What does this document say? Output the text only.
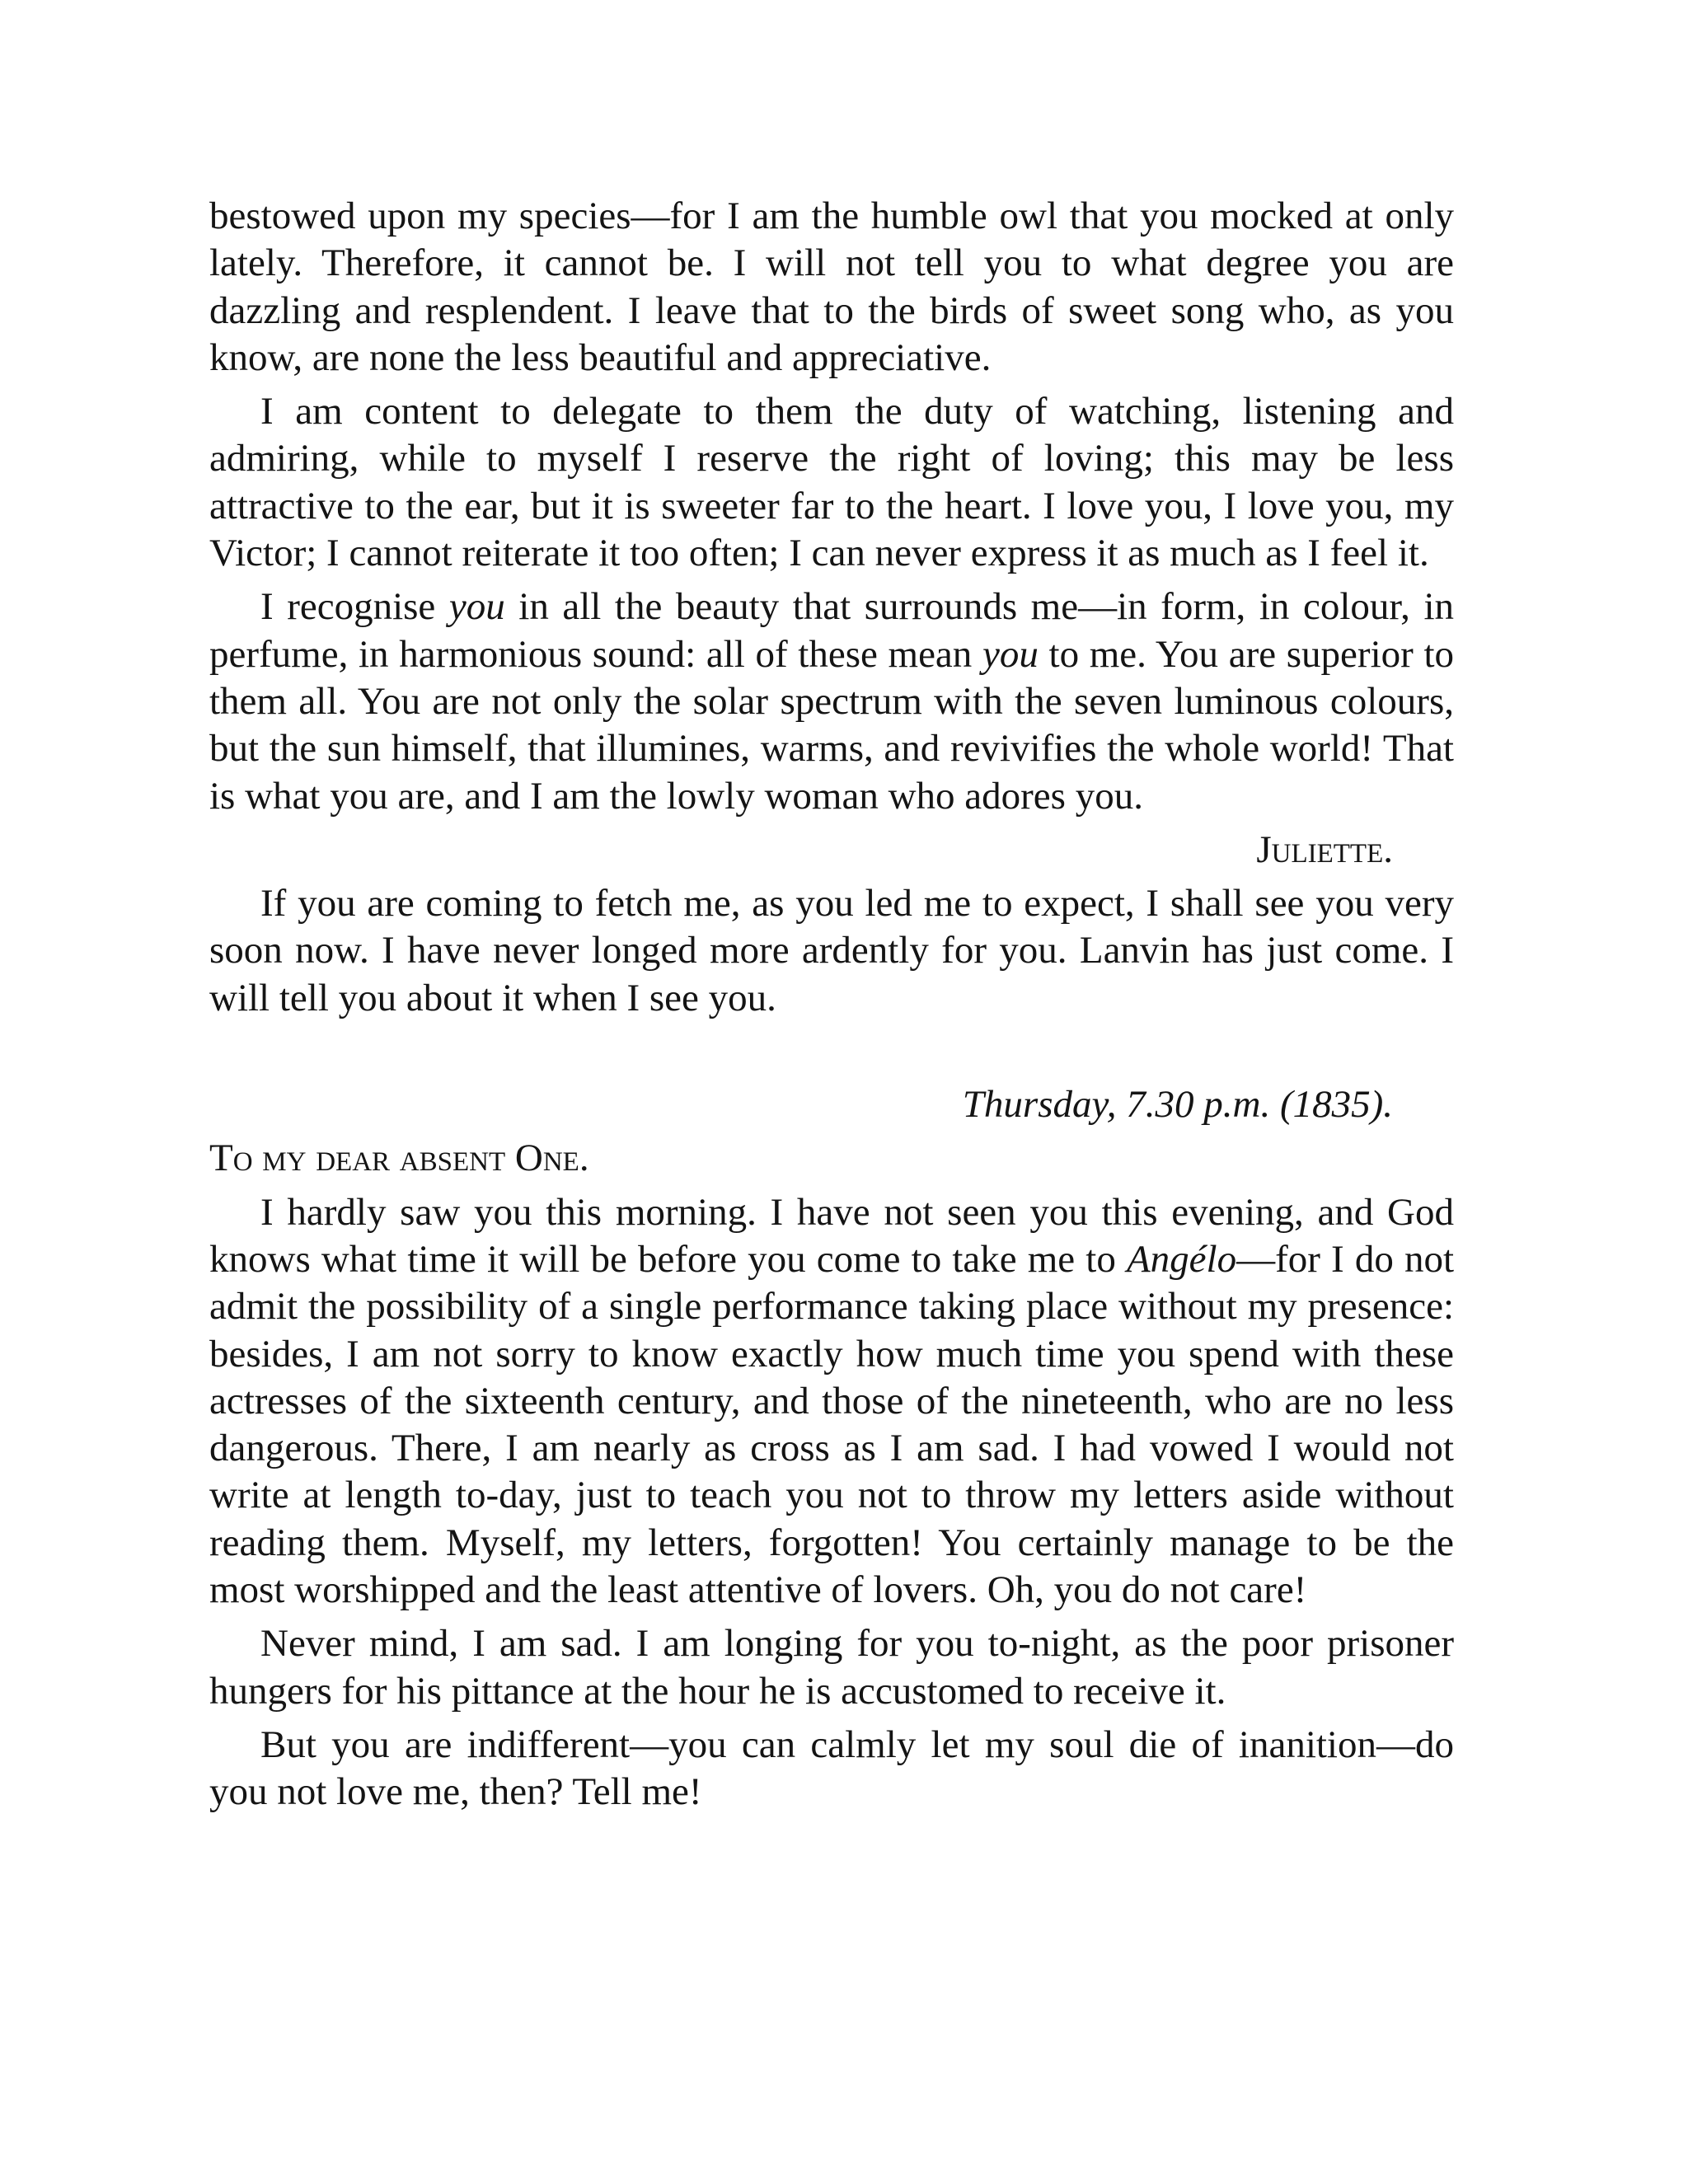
bestowed upon my species—for I am the humble owl that you mocked at only lately. Therefore, it cannot be. I will not tell you to what degree you are dazzling and resplendent. I leave that to the birds of sweet song who, as you know, are none the less beautiful and appreciative.

I am content to delegate to them the duty of watching, listening and admiring, while to myself I reserve the right of loving; this may be less attractive to the ear, but it is sweeter far to the heart. I love you, I love you, my Victor; I cannot reiterate it too often; I can never express it as much as I feel it.

I recognise you in all the beauty that surrounds me—in form, in colour, in perfume, in harmonious sound: all of these mean you to me. You are superior to them all. You are not only the solar spectrum with the seven luminous colours, but the sun himself, that illumines, warms, and revivifies the whole world! That is what you are, and I am the lowly woman who adores you.

Juliette.

If you are coming to fetch me, as you led me to expect, I shall see you very soon now. I have never longed more ardently for you. Lanvin has just come. I will tell you about it when I see you.

Thursday, 7.30 p.m. (1835).
To my dear absent One.

I hardly saw you this morning. I have not seen you this evening, and God knows what time it will be before you come to take me to Angélo—for I do not admit the possibility of a single performance taking place without my presence: besides, I am not sorry to know exactly how much time you spend with these actresses of the sixteenth century, and those of the nineteenth, who are no less dangerous. There, I am nearly as cross as I am sad. I had vowed I would not write at length to-day, just to teach you not to throw my letters aside without reading them. Myself, my letters, forgotten! You certainly manage to be the most worshipped and the least attentive of lovers. Oh, you do not care!

Never mind, I am sad. I am longing for you to-night, as the poor prisoner hungers for his pittance at the hour he is accustomed to receive it.

But you are indifferent—you can calmly let my soul die of inanition—do you not love me, then? Tell me!
